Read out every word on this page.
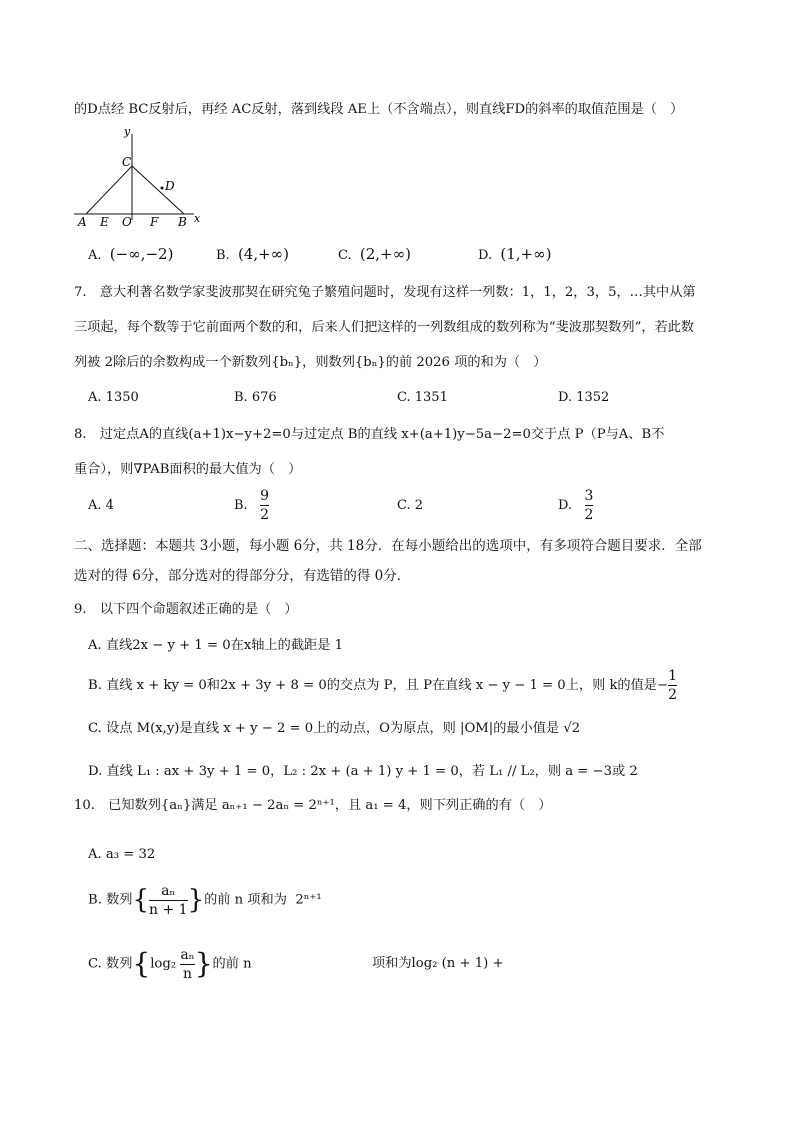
的D点经 BC反射后，再经 AC反射，落到线段 AE上（不含端点），则直线FD的斜率的取值范围是（　）
y
C
D
A E O F B x
A. (−∞,−2)	B. (4,+∞)	C. (2,+∞)	D. (1,+∞)
7.　意大利著名数学家斐波那契在研究兔子繁殖问题时，发现有这样一列数：1，1，2，3，5，…其中从第
三项起，每个数等于它前面两个数的和，后来人们把这样的一列数组成的数列称为“斐波那契数列”，若此数
列被 2除后的余数构成一个新数列{bₙ}，则数列{bₙ}的前 2026 项的和为（　）
A. 1350	B. 676	C. 1351	D. 1352
8.　过定点A的直线(a+1)x−y+2=0与过定点 B的直线 x+(a+1)y−5a−2=0交于点 P（P与A、B不
重合），则∇PAB面积的最大值为（　）
A. 4	B. $\frac{9}{2}$	C. 2	D. $\frac{3}{2}$
二、选择题：本题共 3小题，每小题 6分，共 18分．在每小题给出的选项中，有多项符合题目要求．全部
选对的得 6分，部分选对的得部分分，有选错的得 0分．
9.　以下四个命题叙述正确的是（　）
A. 直线2x − y + 1 = 0在x轴上的截距是 1
B. 直线 x + ky = 0和2x + 3y + 8 = 0的交点为 P，且 P在直线 x − y − 1 = 0上，则 k的值是− $\frac{1}{2}$
C. 设点 M(x,y)是直线 x + y − 2 = 0上的动点，O为原点，则 |OM|的最小值是 √2
D. 直线 L₁ : ax + 3y + 1 = 0，L₂ : 2x + (a + 1) y + 1 = 0，若 L₁ // L₂，则 a = −3或 2
10.　已知数列{aₙ}满足 aₙ₊₁ − 2aₙ = 2ⁿ⁺¹，且 a₁ = 4，则下列正确的有（　）
A. a₃ = 32
B. 数列{ $\frac{\text{aₙ}}{n + 1}$ }的前 n 项和为 2ⁿ⁺¹
C. 数列{$\log_2 \frac{\text{aₙ}}{n}$ }的前 n	项和为log₂ (n + 1) +
